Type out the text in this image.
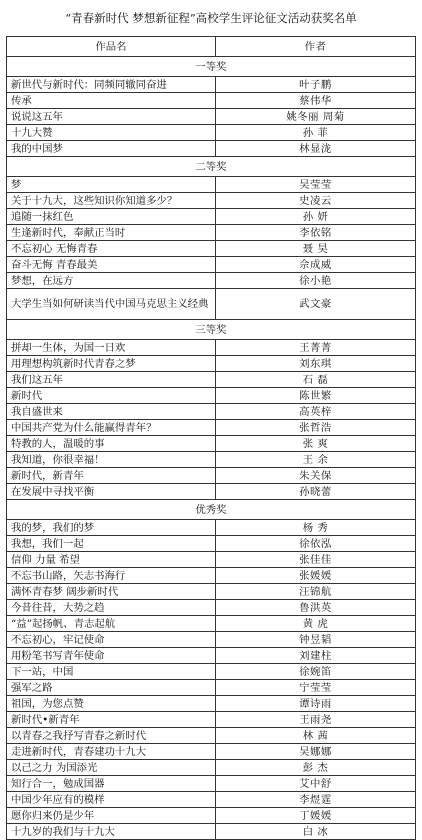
“青春新时代 梦想新征程”高校学生评论征文活动获奖名单
作品名	作者
一等奖	
新世代与新时代：同频同辙同奋进	叶子鹏
传承	蔡伟华
说说这五年	姚冬丽 周菊
十九大赞	孙 菲
我的中国梦	林显泷
二等奖	
梦	吴莹莹
关于十九大，这些知识你知道多少？	史凌云
追随一抹红色	孙 妍
生逢新时代，奉献正当时	李依铭
不忘初心 无悔青春	聂 昊
奋斗无悔 青春最美	佘成威
梦想，在远方	徐小艳
大学生当如何研读当代中国马克思主义经典	武文豪
三等奖	
拼却一生体，为国一日欢	王菁菁
用理想构筑新时代青春之梦	刘东琪
我们这五年	石 磊
新时代	陈世繁
我自盛世来	高英梓
中国共产党为什么能赢得青年？	张哲浩
特教的人，温暖的事	张 爽
我知道，你很幸福！	王 余
新时代，新青年	朱关保
在发展中寻找平衡	孙晓蕾
优秀奖	
我的梦，我们的梦	杨 秀
我想，我们一起	徐依泓
信仰 力量 希望	张佳佳
不忘书山路，矢志书海行	张媛媛
满怀青春梦 阔步新时代	汪锦航
今昔往昔，大势之趋	鲁洪英
“益”起扬帆、青志起航	黄 虎
不忘初心，牢记使命	钟昱韬
用粉笔书写青年使命	刘建柱
下一站，中国	徐婉笛
强军之路	宁莹莹
祖国，为您点赞	谭诗雨
新时代•新青年	王雨尧
以青春之我抒写青春之新时代	林 茜
走进新时代，青春建功十九大	吴娜娜
以己之力 为国添光	彭 杰
知行合一，勉成国器	艾中舒
中国少年应有的模样	李煜霆
愿你归来仍是少年	丁媛媛
十九岁的我们与十九大	白 冰
